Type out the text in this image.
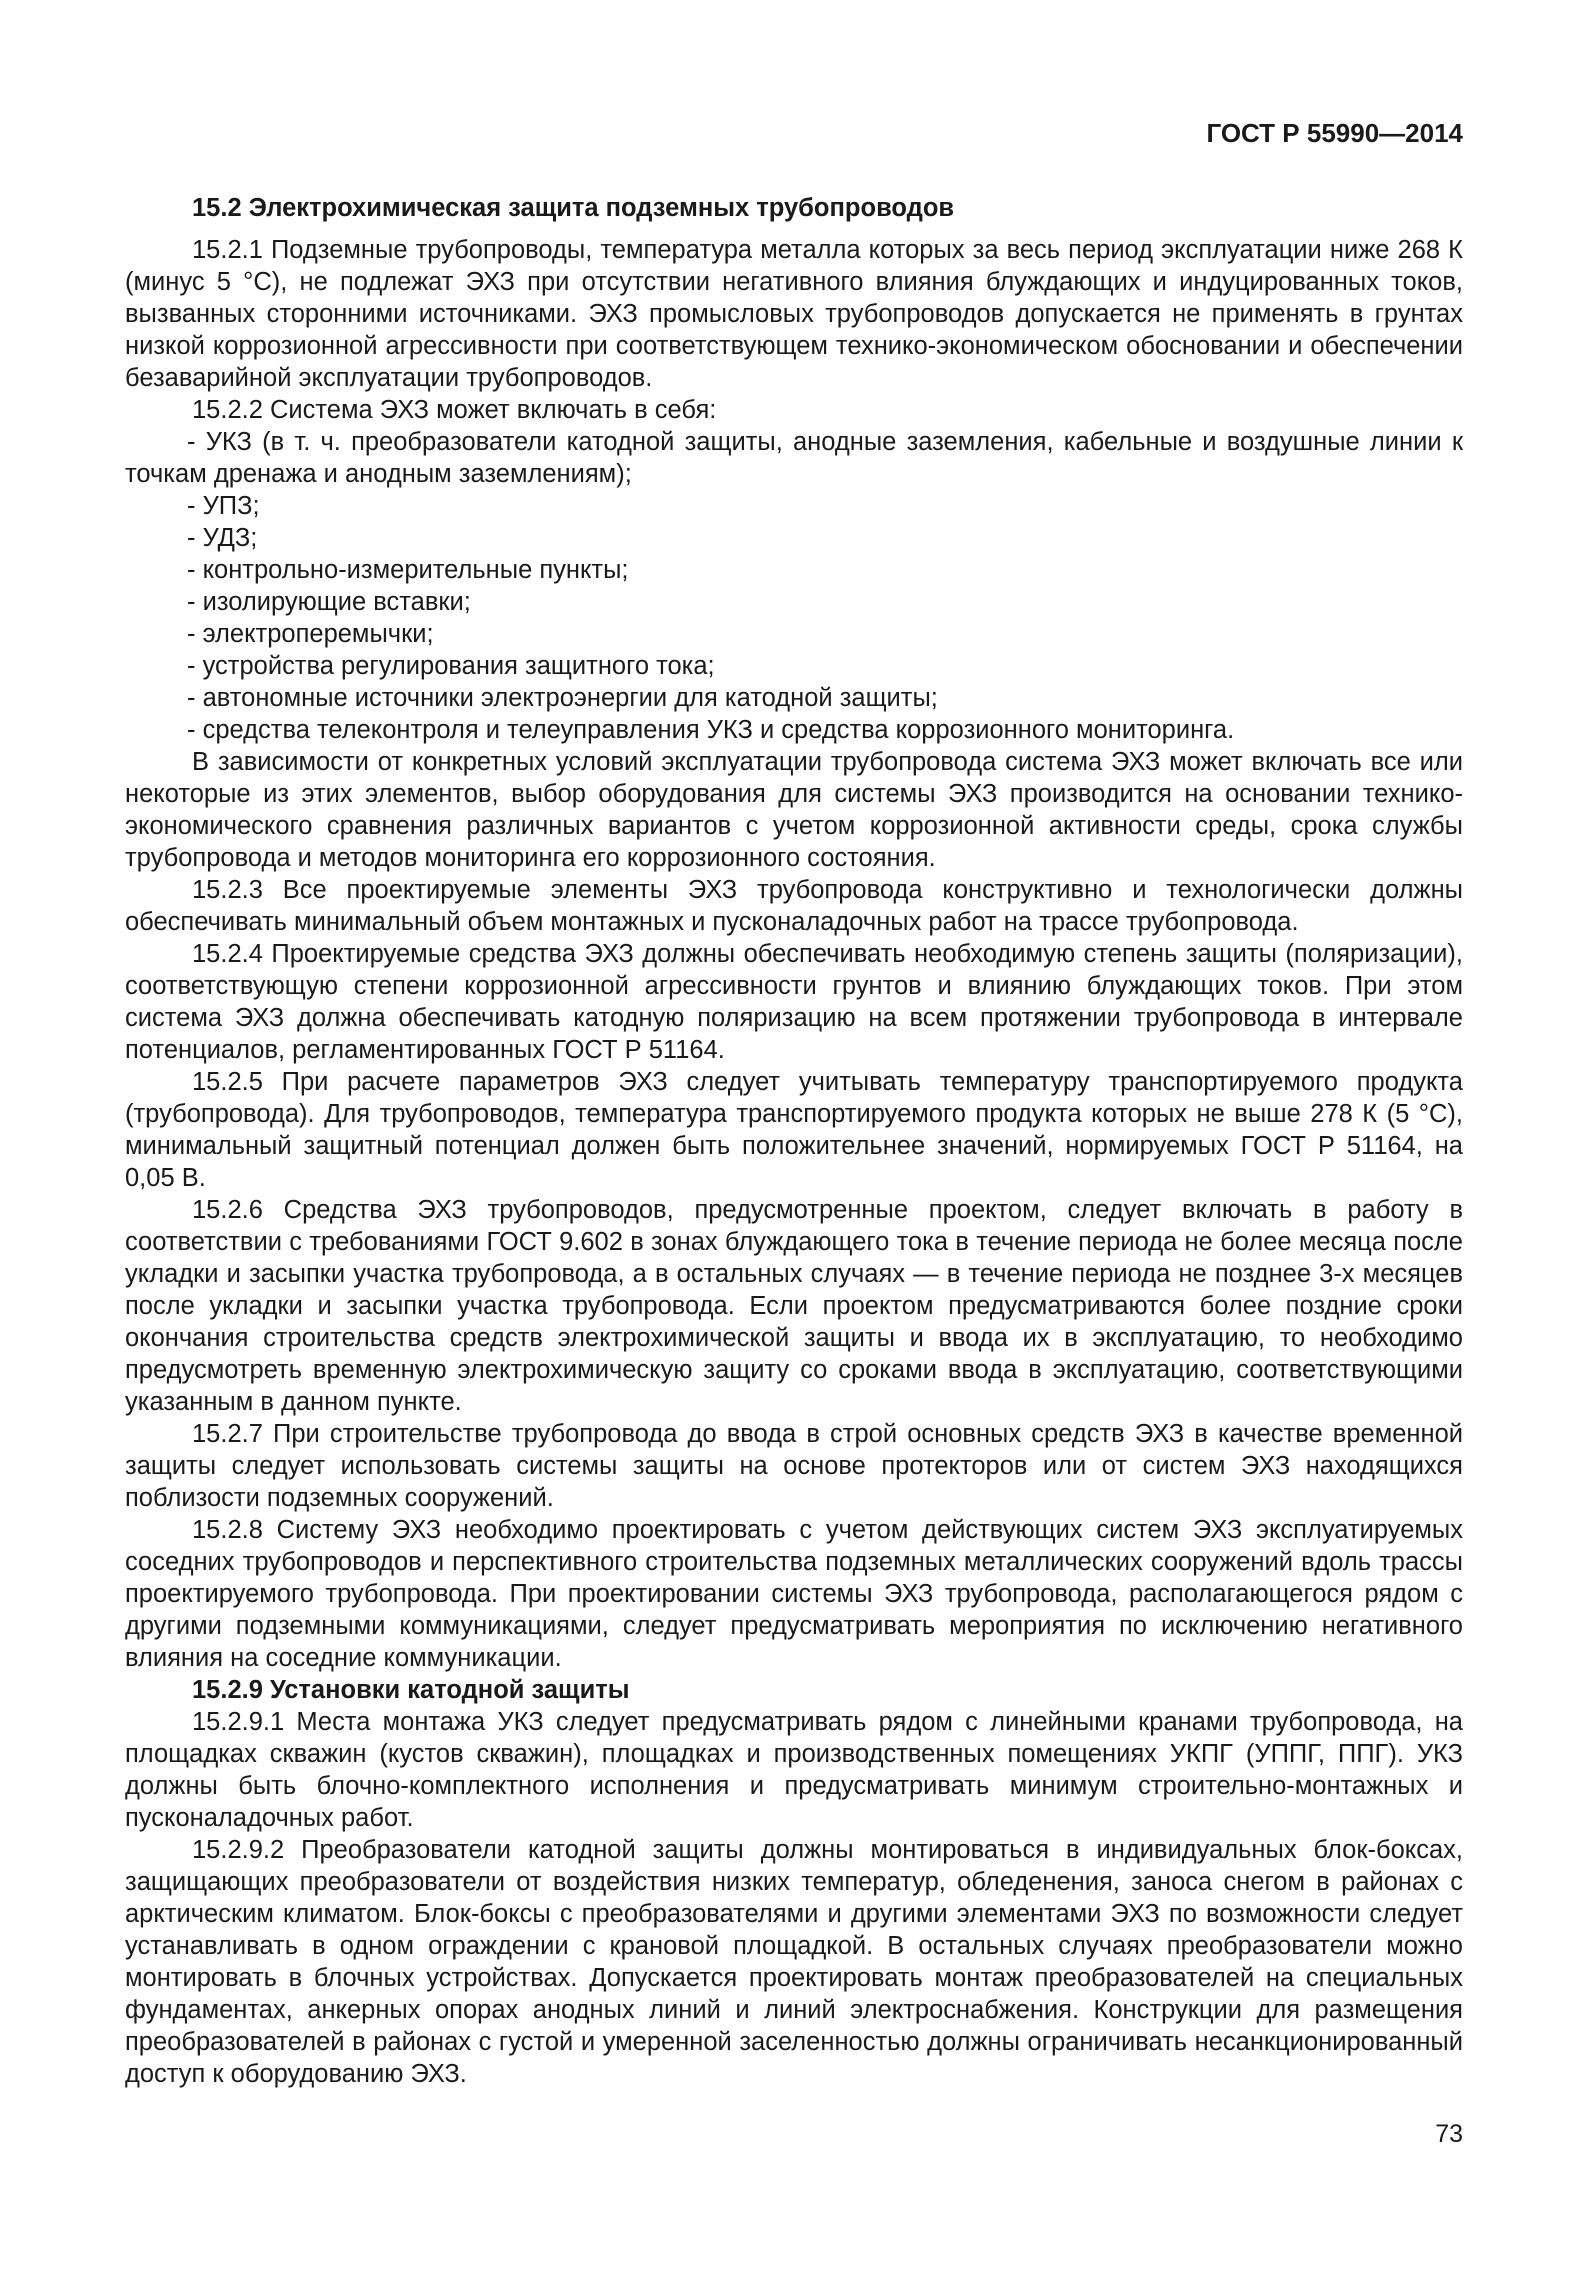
ГОСТ Р 55990—2014
15.2 Электрохимическая защита подземных трубопроводов

15.2.1 Подземные трубопроводы, температура металла которых за весь период эксплуатации ниже 268 К (минус 5 °С), не подлежат ЭХЗ при отсутствии негативного влияния блуждающих и индуцированных токов, вызванных сторонними источниками. ЭХЗ промысловых трубопроводов допускается не применять в грунтах низкой коррозионной агрессивности при соответствующем технико-экономическом обосновании и обеспечении безаварийной эксплуатации трубопроводов.

15.2.2 Система ЭХЗ может включать в себя:

- УКЗ (в т. ч. преобразователи катодной защиты, анодные заземления, кабельные и воздушные линии к точкам дренажа и анодным заземлениям);

- УПЗ;

- УДЗ;

- контрольно-измерительные пункты;

- изолирующие вставки;

- электроперемычки;

- устройства регулирования защитного тока;

- автономные источники электроэнергии для катодной защиты;

- средства телеконтроля и телеуправления УКЗ и средства коррозионного мониторинга.

В зависимости от конкретных условий эксплуатации трубопровода система ЭХЗ может включать все или некоторые из этих элементов, выбор оборудования для системы ЭХЗ производится на основании технико-экономического сравнения различных вариантов с учетом коррозионной активности среды, срока службы трубопровода и методов мониторинга его коррозионного состояния.

15.2.3 Все проектируемые элементы ЭХЗ трубопровода конструктивно и технологически должны обеспечивать минимальный объем монтажных и пусконаладочных работ на трассе трубопровода.

15.2.4 Проектируемые средства ЭХЗ должны обеспечивать необходимую степень защиты (поляризации), соответствующую степени коррозионной агрессивности грунтов и влиянию блуждающих токов. При этом система ЭХЗ должна обеспечивать катодную поляризацию на всем протяжении трубопровода в интервале потенциалов, регламентированных ГОСТ Р 51164.

15.2.5 При расчете параметров ЭХЗ следует учитывать температуру транспортируемого продукта (трубопровода). Для трубопроводов, температура транспортируемого продукта которых не выше 278 К (5 °С), минимальный защитный потенциал должен быть положительнее значений, нормируемых ГОСТ Р 51164, на 0,05 В.

15.2.6 Средства ЭХЗ трубопроводов, предусмотренные проектом, следует включать в работу в соответствии с требованиями ГОСТ 9.602 в зонах блуждающего тока в течение периода не более месяца после укладки и засыпки участка трубопровода, а в остальных случаях — в течение периода не позднее 3-х месяцев после укладки и засыпки участка трубопровода. Если проектом предусматриваются более поздние сроки окончания строительства средств электрохимической защиты и ввода их в эксплуатацию, то необходимо предусмотреть временную электрохимическую защиту со сроками ввода в эксплуатацию, соответствующими указанным в данном пункте.

15.2.7 При строительстве трубопровода до ввода в строй основных средств ЭХЗ в качестве временной защиты следует использовать системы защиты на основе протекторов или от систем ЭХЗ находящихся поблизости подземных сооружений.

15.2.8 Систему ЭХЗ необходимо проектировать с учетом действующих систем ЭХЗ эксплуатируемых соседних трубопроводов и перспективного строительства подземных металлических сооружений вдоль трассы проектируемого трубопровода. При проектировании системы ЭХЗ трубопровода, располагающегося рядом с другими подземными коммуникациями, следует предусматривать мероприятия по исключению негативного влияния на соседние коммуникации.

15.2.9 Установки катодной защиты

15.2.9.1 Места монтажа УКЗ следует предусматривать рядом с линейными кранами трубопровода, на площадках скважин (кустов скважин), площадках и производственных помещениях УКПГ (УППГ, ППГ). УКЗ должны быть блочно-комплектного исполнения и предусматривать минимум строительно-монтажных и пусконаладочных работ.

15.2.9.2 Преобразователи катодной защиты должны монтироваться в индивидуальных блок-боксах, защищающих преобразователи от воздействия низких температур, обледенения, заноса снегом в районах с арктическим климатом. Блок-боксы с преобразователями и другими элементами ЭХЗ по возможности следует устанавливать в одном ограждении с крановой площадкой. В остальных случаях преобразователи можно монтировать в блочных устройствах. Допускается проектировать монтаж преобразователей на специальных фундаментах, анкерных опорах анодных линий и линий электроснабжения. Конструкции для размещения преобразователей в районах с густой и умеренной заселенностью должны ограничивать несанкционированный доступ к оборудованию ЭХЗ.

73
